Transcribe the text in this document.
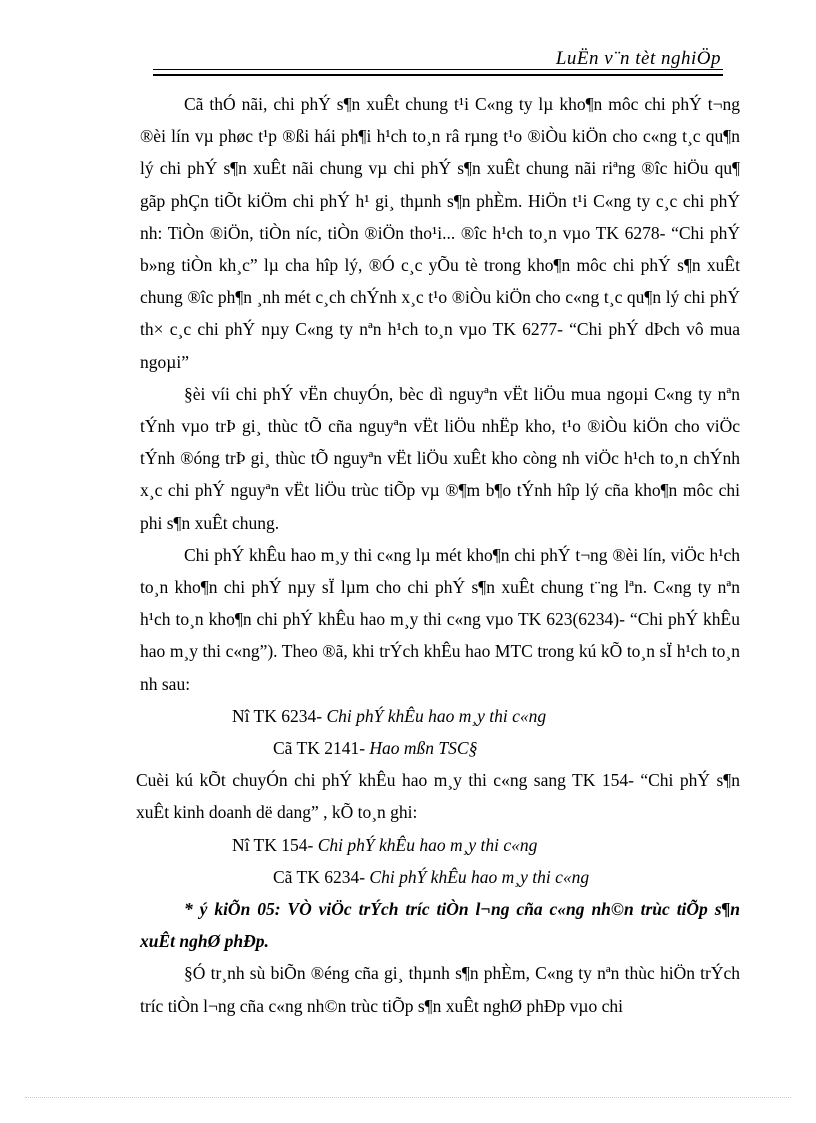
LuËn v¨n tèt nghiÖp

Cã thÓ nãi, chi phÝ s¶n xuÊt chung t¹i C«ng ty lµ kho¶n môc chi phÝ t¬ng ®èi lín vµ phøc t¹p ®ßi hái ph¶i h¹ch to¸n râ rµng t¹o ®iÒu kiÖn cho c«ng t¸c qu¶n lý chi phÝ s¶n xuÊt nãi chung vµ chi phÝ s¶n xuÊt chung nãi riªng ®îc hiÖu qu¶ gãp phÇn tiÕt kiÖm chi phÝ h¹ gi¸ thµnh s¶n phÈm. HiÖn t¹i C«ng ty c¸c chi phÝ nh: TiÒn ®iÖn, tiÒn níc, tiÒn ®iÖn tho¹i... ®îc h¹ch to¸n vµo TK 6278- “Chi phÝ b»ng tiÒn kh¸c” lµ cha hîp lý, ®Ó c¸c yÕu tè trong kho¶n môc chi phÝ s¶n xuÊt chung ®îc ph¶n ¸nh mét c¸ch chÝnh x¸c t¹o ®iÒu kiÖn cho c«ng t¸c qu¶n lý chi phÝ th× c¸c chi phÝ nµy C«ng ty nªn h¹ch to¸n vµo TK 6277- “Chi phÝ dÞch vô mua ngoµi”

§èi víi chi phÝ vËn chuyÓn, bèc dì nguyªn vËt liÖu mua ngoµi C«ng ty nªn tÝnh vµo trÞ gi¸ thùc tÕ cña nguyªn vËt liÖu nhËp kho, t¹o ®iÒu kiÖn cho viÖc tÝnh ®óng trÞ gi¸ thùc tÕ nguyªn vËt liÖu xuÊt kho còng nh viÖc h¹ch to¸n chÝnh x¸c chi phÝ nguyªn vËt liÖu trùc tiÕp vµ ®¶m b¶o tÝnh hîp lý cña kho¶n môc chi phi s¶n xuÊt chung.

Chi phÝ khÊu hao m¸y thi c«ng lµ mét kho¶n chi phÝ t¬ng ®èi lín, viÖc h¹ch to¸n kho¶n chi phÝ nµy sÏ lµm cho chi phÝ s¶n xuÊt chung t¨ng lªn. C«ng ty nªn h¹ch to¸n kho¶n chi phÝ khÊu hao m¸y thi c«ng vµo TK 623(6234)- “Chi phÝ khÊu hao m¸y thi c«ng”). Theo ®ã, khi trÝch khÊu hao MTC trong kú kÕ to¸n sÏ h¹ch to¸n nh sau:

Nî TK 6234- Chi phÝ khÊu hao m¸y thi c«ng

Cã TK 2141- Hao mßn TSC§

Cuèi kú kÕt chuyÓn chi phÝ khÊu hao m¸y thi c«ng sang TK 154- “Chi phÝ s¶n xuÊt kinh doanh dë dang” , kÕ to¸n ghi:

Nî TK 154- Chi phÝ khÊu hao m¸y thi c«ng

Cã TK 6234- Chi phÝ khÊu hao m¸y thi c«ng

* ý kiÕn 05: VÒ viÖc trÝch tríc tiÒn l¬ng cña c«ng nh©n trùc tiÕp s¶n xuÊt nghØ phÐp.

§Ó tr¸nh sù biÕn ®éng cña gi¸ thµnh s¶n phÈm, C«ng ty nªn thùc hiÖn trÝch tríc tiÒn l¬ng cña c«ng nh©n trùc tiÕp s¶n xuÊt nghØ phÐp vµo chi
